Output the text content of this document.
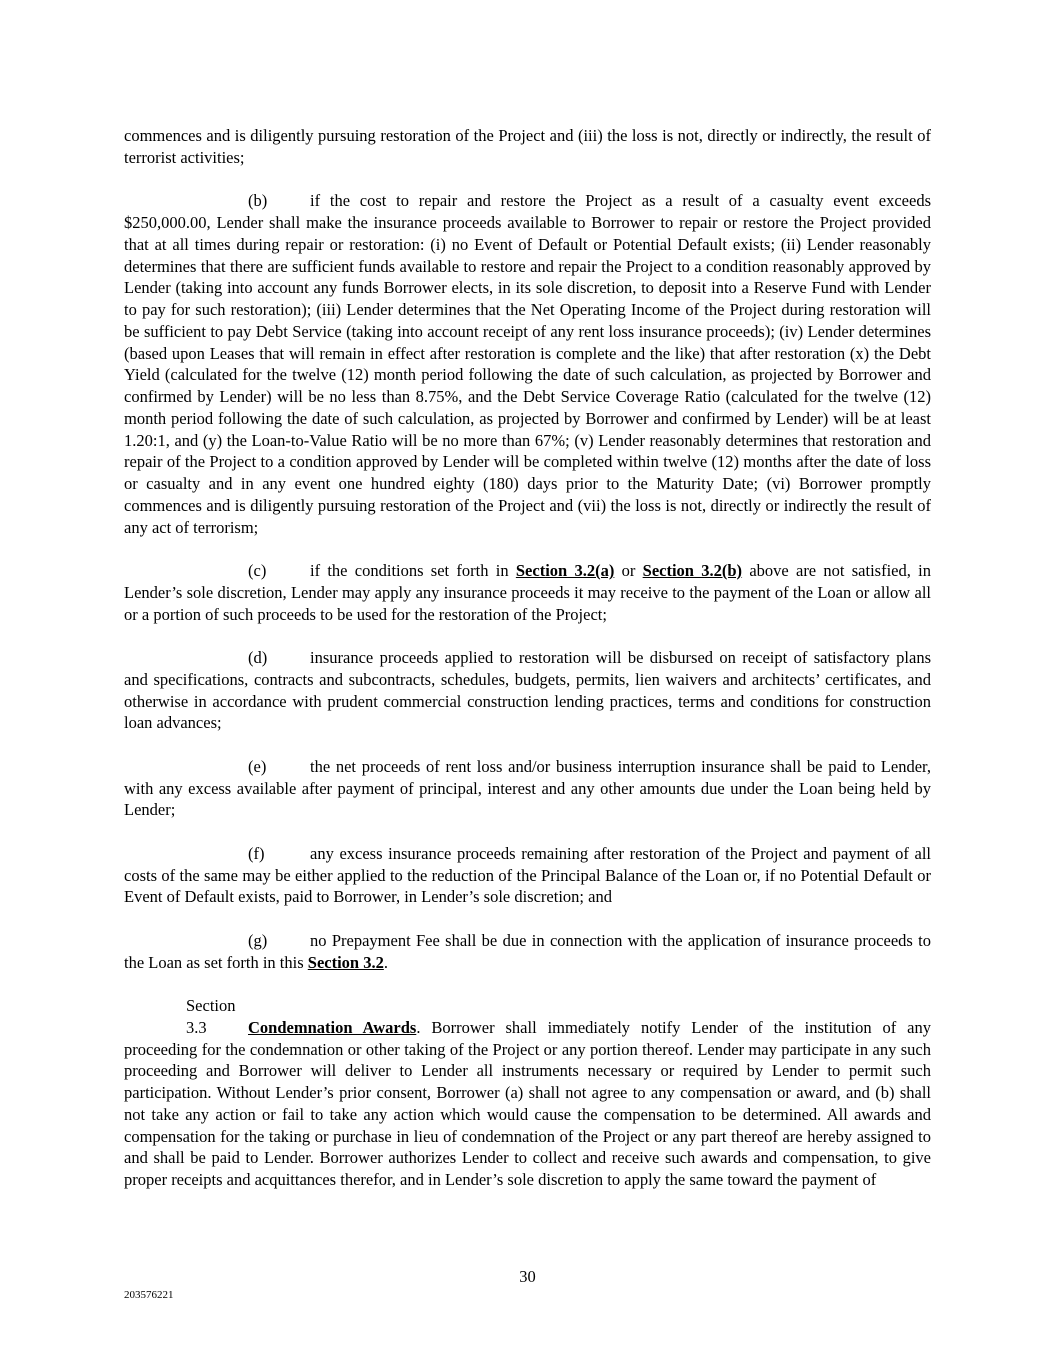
commences and is diligently pursuing restoration of the Project and (iii) the loss is not, directly or indirectly, the result of terrorist activities;

(b)	if the cost to repair and restore the Project as a result of a casualty event exceeds $250,000.00, Lender shall make the insurance proceeds available to Borrower to repair or restore the Project provided that at all times during repair or restoration: (i) no Event of Default or Potential Default exists; (ii) Lender reasonably determines that there are sufficient funds available to restore and repair the Project to a condition reasonably approved by Lender (taking into account any funds Borrower elects, in its sole discretion, to deposit into a Reserve Fund with Lender to pay for such restoration); (iii) Lender determines that the Net Operating Income of the Project during restoration will be sufficient to pay Debt Service (taking into account receipt of any rent loss insurance proceeds); (iv) Lender determines (based upon Leases that will remain in effect after restoration is complete and the like) that after restoration (x) the Debt Yield (calculated for the twelve (12) month period following the date of such calculation, as projected by Borrower and confirmed by Lender) will be no less than 8.75%, and the Debt Service Coverage Ratio (calculated for the twelve (12) month period following the date of such calculation, as projected by Borrower and confirmed by Lender) will be at least 1.20:1, and (y) the Loan-to-Value Ratio will be no more than 67%; (v) Lender reasonably determines that restoration and repair of the Project to a condition approved by Lender will be completed within twelve (12) months after the date of loss or casualty and in any event one hundred eighty (180) days prior to the Maturity Date; (vi) Borrower promptly commences and is diligently pursuing restoration of the Project and (vii) the loss is not, directly or indirectly the result of any act of terrorism;

(c)	if the conditions set forth in Section 3.2(a) or Section 3.2(b) above are not satisfied, in Lender’s sole discretion, Lender may apply any insurance proceeds it may receive to the payment of the Loan or allow all or a portion of such proceeds to be used for the restoration of the Project;

(d)	insurance proceeds applied to restoration will be disbursed on receipt of satisfactory plans and specifications, contracts and subcontracts, schedules, budgets, permits, lien waivers and architects’ certificates, and otherwise in accordance with prudent commercial construction lending practices, terms and conditions for construction loan advances;

(e)	the net proceeds of rent loss and/or business interruption insurance shall be paid to Lender, with any excess available after payment of principal, interest and any other amounts due under the Loan being held by Lender;

(f)	any excess insurance proceeds remaining after restoration of the Project and payment of all costs of the same may be either applied to the reduction of the Principal Balance of the Loan or, if no Potential Default or Event of Default exists, paid to Borrower, in Lender’s sole discretion; and

(g)	no Prepayment Fee shall be due in connection with the application of insurance proceeds to the Loan as set forth in this Section 3.2.

Section 3.3	Condemnation Awards. Borrower shall immediately notify Lender of the institution of any proceeding for the condemnation or other taking of the Project or any portion thereof. Lender may participate in any such proceeding and Borrower will deliver to Lender all instruments necessary or required by Lender to permit such participation. Without Lender’s prior consent, Borrower (a) shall not agree to any compensation or award, and (b) shall not take any action or fail to take any action which would cause the compensation to be determined. All awards and compensation for the taking or purchase in lieu of condemnation of the Project or any part thereof are hereby assigned to and shall be paid to Lender. Borrower authorizes Lender to collect and receive such awards and compensation, to give proper receipts and acquittances therefor, and in Lender’s sole discretion to apply the same toward the payment of

30
203576221
